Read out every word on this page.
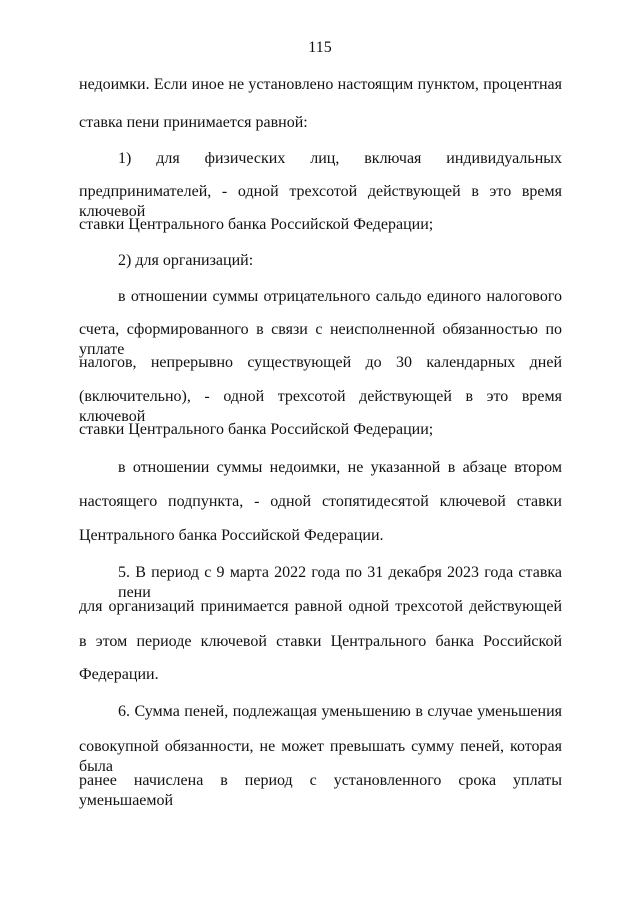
115
недоимки. Если иное не установлено настоящим пунктом, процентная
ставка пени принимается равной:
1) для физических лиц, включая индивидуальных
предпринимателей, - одной трехсотой действующей в это время ключевой
ставки Центрального банка Российской Федерации;
2) для организаций:
в отношении суммы отрицательного сальдо единого налогового
счета, сформированного в связи с неисполненной обязанностью по уплате
налогов, непрерывно существующей до 30 календарных дней
(включительно), - одной трехсотой действующей в это время ключевой
ставки Центрального банка Российской Федерации;
в отношении суммы недоимки, не указанной в абзаце втором
настоящего подпункта, - одной стопятидесятой ключевой ставки
Центрального банка Российской Федерации.
5. В период с 9 марта 2022 года по 31 декабря 2023 года ставка пени
для организаций принимается равной одной трехсотой действующей
в этом периоде ключевой ставки Центрального банка Российской
Федерации.
6. Сумма пеней, подлежащая уменьшению в случае уменьшения
совокупной обязанности, не может превышать сумму пеней, которая была
ранее начислена в период с установленного срока уплаты уменьшаемой
